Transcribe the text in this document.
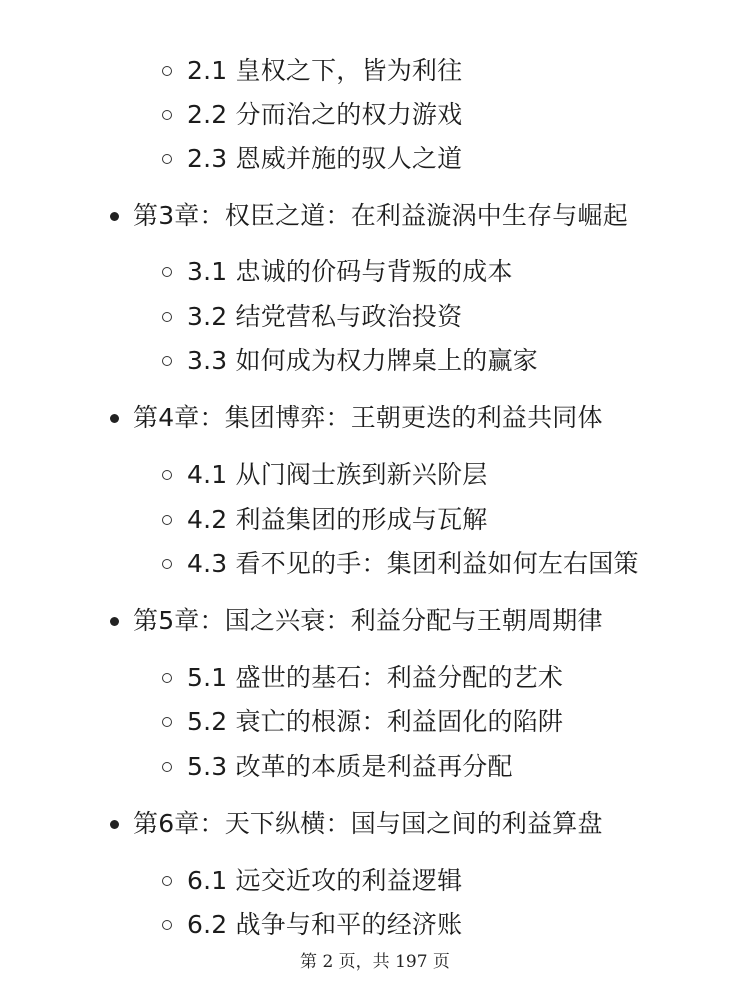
2.1 皇权之下，皆为利往
2.2 分而治之的权力游戏
2.3 恩威并施的驭人之道
第3章：权臣之道：在利益漩涡中生存与崛起
3.1 忠诚的价码与背叛的成本
3.2 结党营私与政治投资
3.3 如何成为权力牌桌上的赢家
第4章：集团博弈：王朝更迭的利益共同体
4.1 从门阀士族到新兴阶层
4.2 利益集团的形成与瓦解
4.3 看不见的手：集团利益如何左右国策
第5章：国之兴衰：利益分配与王朝周期律
5.1 盛世的基石：利益分配的艺术
5.2 衰亡的根源：利益固化的陷阱
5.3 改革的本质是利益再分配
第6章：天下纵横：国与国之间的利益算盘
6.1 远交近攻的利益逻辑
6.2 战争与和平的经济账
第 2 页，共 197 页
